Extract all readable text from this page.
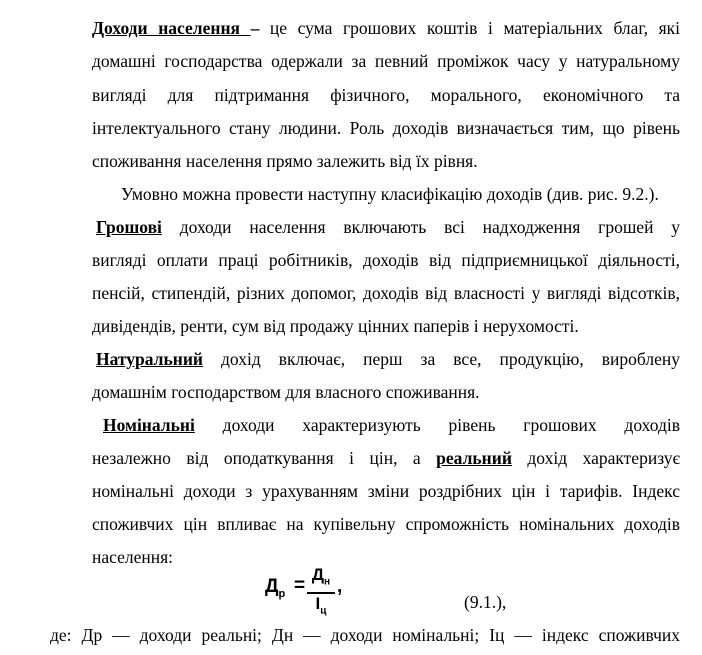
Доходи населення – це сума грошових коштів і матеріальних благ, які
домашні господарства одержали за певний проміжок часу у натуральному
вигляді для підтримання фізичного, морального, економічного та
інтелектуального стану людини. Роль доходів визначається тим, що рівень
споживання населення прямо залежить від їх рівня.
Умовно можна провести наступну класифікацію доходів (див. рис. 9.2.).
Грошові доходи населення включають всі надходження грошей у
вигляді оплати праці робітників, доходів від підприємницької діяльності,
пенсій, стипендій, різних допомог, доходів від власності у вигляді відсотків,
дивідендів, ренти, сум від продажу цінних паперів і нерухомості.
Натуральний дохід включає, перш за все, продукцію, вироблену
домашнім господарством для власного споживання.
Номінальні доходи характеризують рівень грошових доходів
незалежно від оподаткування і цін, а реальний дохід характеризує
номінальні доходи з урахуванням зміни роздрібних цін і тарифів. Індекс
споживчих цін впливає на купівельну спроможність номінальних доходів
населення:
$Д_р$ =
$Д_н$
$І_ц$
,
(9.1.),
де: Др — доходи реальні; Дн — доходи номінальні; Іц — індекс споживчих
